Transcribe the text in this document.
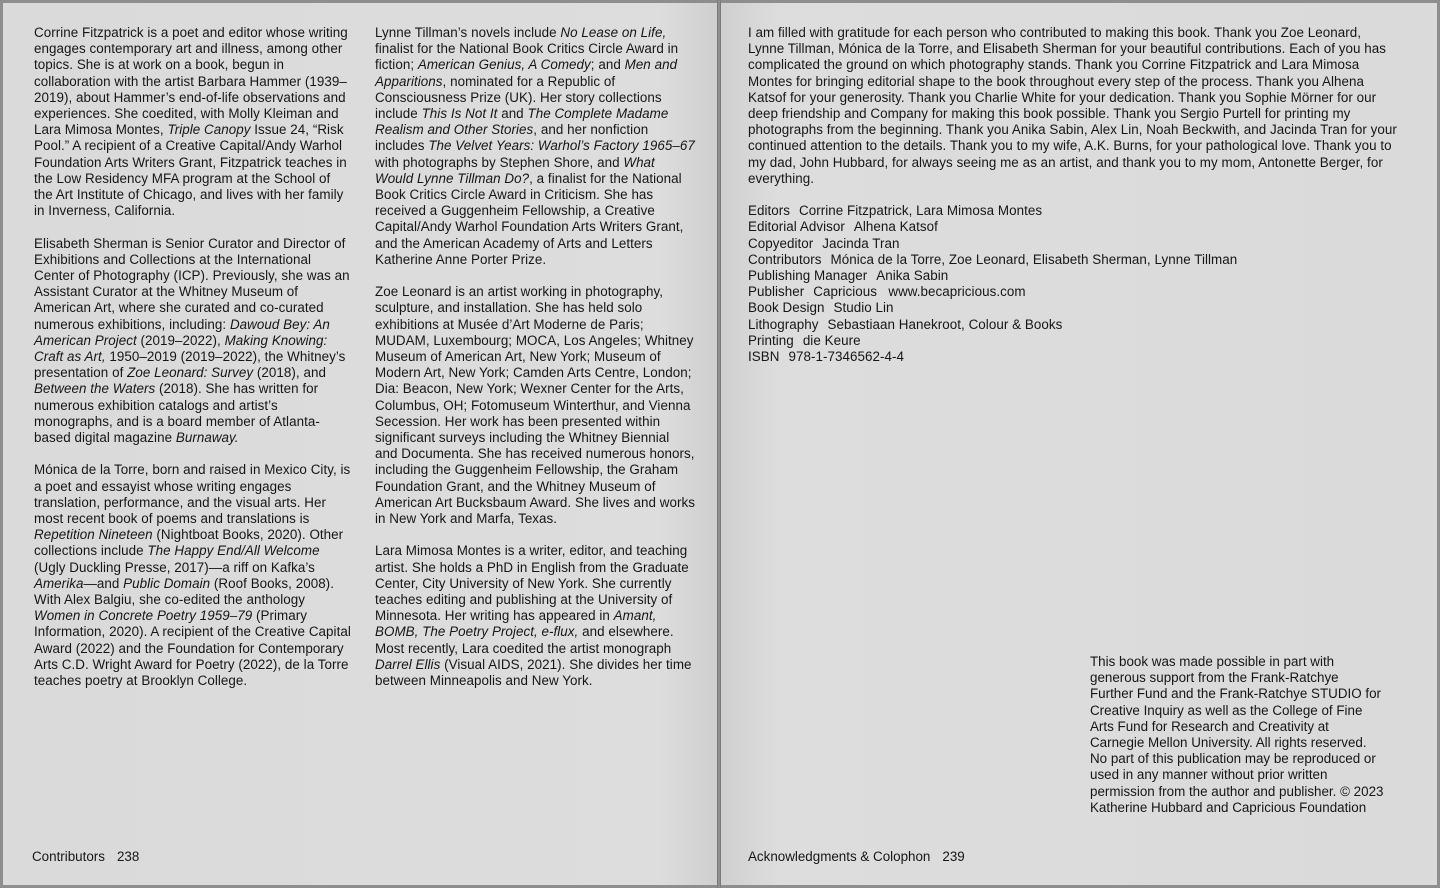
Corrine Fitzpatrick is a poet and editor whose writing engages contemporary art and illness, among other topics. She is at work on a book, begun in collaboration with the artist Barbara Hammer (1939–2019), about Hammer’s end-of-life observations and experiences. She coedited, with Molly Kleiman and Lara Mimosa Montes, Triple Canopy Issue 24, “Risk Pool.” A recipient of a Creative Capital/Andy Warhol Foundation Arts Writers Grant, Fitzpatrick teaches in the Low Residency MFA program at the School of the Art Institute of Chicago, and lives with her family in Inverness, California.

Elisabeth Sherman is Senior Curator and Director of Exhibitions and Collections at the International Center of Photography (ICP). Previously, she was an Assistant Curator at the Whitney Museum of American Art, where she curated and co-curated numerous exhibitions, including: Dawoud Bey: An American Project (2019–2022), Making Knowing: Craft as Art, 1950–2019 (2019–2022), the Whitney’s presentation of Zoe Leonard: Survey (2018), and Between the Waters (2018). She has written for numerous exhibition catalogs and artist’s monographs, and is a board member of Atlanta-based digital magazine Burnaway.

Mónica de la Torre, born and raised in Mexico City, is a poet and essayist whose writing engages translation, performance, and the visual arts. Her most recent book of poems and translations is Repetition Nineteen (Nightboat Books, 2020). Other collections include The Happy End/All Welcome (Ugly Duckling Presse, 2017)—a riff on Kafka’s Amerika—and Public Domain (Roof Books, 2008). With Alex Balgiu, she co-edited the anthology Women in Concrete Poetry 1959–79 (Primary Information, 2020). A recipient of the Creative Capital Award (2022) and the Foundation for Contemporary Arts C.D. Wright Award for Poetry (2022), de la Torre teaches poetry at Brooklyn College.

Lynne Tillman’s novels include No Lease on Life, finalist for the National Book Critics Circle Award in fiction; American Genius, A Comedy; and Men and Apparitions, nominated for a Republic of Consciousness Prize (UK). Her story collections include This Is Not It and The Complete Madame Realism and Other Stories, and her nonfiction includes The Velvet Years: Warhol’s Factory 1965–67 with photographs by Stephen Shore, and What Would Lynne Tillman Do?, a finalist for the National Book Critics Circle Award in Criticism. She has received a Guggenheim Fellowship, a Creative Capital/Andy Warhol Foundation Arts Writers Grant, and the American Academy of Arts and Letters Katherine Anne Porter Prize.

Zoe Leonard is an artist working in photography, sculpture, and installation. She has held solo exhibitions at Musée d’Art Moderne de Paris; MUDAM, Luxembourg; MOCA, Los Angeles; Whitney Museum of American Art, New York; Museum of Modern Art, New York; Camden Arts Centre, London; Dia: Beacon, New York; Wexner Center for the Arts, Columbus, OH; Fotomuseum Winterthur, and Vienna Secession. Her work has been presented within significant surveys including the Whitney Biennial and Documenta. She has received numerous honors, including the Guggenheim Fellowship, the Graham Foundation Grant, and the Whitney Museum of American Art Bucksbaum Award. She lives and works in New York and Marfa, Texas.

Lara Mimosa Montes is a writer, editor, and teaching artist. She holds a PhD in English from the Graduate Center, City University of New York. She currently teaches editing and publishing at the University of Minnesota. Her writing has appeared in Amant, BOMB, The Poetry Project, e-flux, and elsewhere. Most recently, Lara coedited the artist monograph Darrel Ellis (Visual AIDS, 2021). She divides her time between Minneapolis and New York.

Contributors 238

I am filled with gratitude for each person who contributed to making this book. Thank you Zoe Leonard, Lynne Tillman, Mónica de la Torre, and Elisabeth Sherman for your beautiful contributions. Each of you has complicated the ground on which photography stands. Thank you Corrine Fitzpatrick and Lara Mimosa Montes for bringing editorial shape to the book throughout every step of the process. Thank you Alhena Katsof for your generosity. Thank you Charlie White for your dedication. Thank you Sophie Mörner for our deep friendship and Company for making this book possible. Thank you Sergio Purtell for printing my photographs from the beginning. Thank you Anika Sabin, Alex Lin, Noah Beckwith, and Jacinda Tran for your continued attention to the details. Thank you to my wife, A.K. Burns, for your pathological love. Thank you to my dad, John Hubbard, for always seeing me as an artist, and thank you to my mom, Antonette Berger, for everything.

Editors Corrine Fitzpatrick, Lara Mimosa Montes
Editorial Advisor Alhena Katsof
Copyeditor Jacinda Tran
Contributors Mónica de la Torre, Zoe Leonard, Elisabeth Sherman, Lynne Tillman
Publishing Manager Anika Sabin
Publisher Capricious   www.becapricious.com
Book Design Studio Lin
Lithography Sebastiaan Hanekroot, Colour & Books
Printing die Keure
ISBN 978-1-7346562-4-4
This book was made possible in part with generous support from the Frank-Ratchye Further Fund and the Frank-Ratchye STUDIO for Creative Inquiry as well as the College of Fine Arts Fund for Research and Creativity at Carnegie Mellon University. All rights reserved. No part of this publication may be reproduced or used in any manner without prior written permission from the author and publisher. © 2023 Katherine Hubbard and Capricious Foundation
Acknowledgments & Colophon 239
